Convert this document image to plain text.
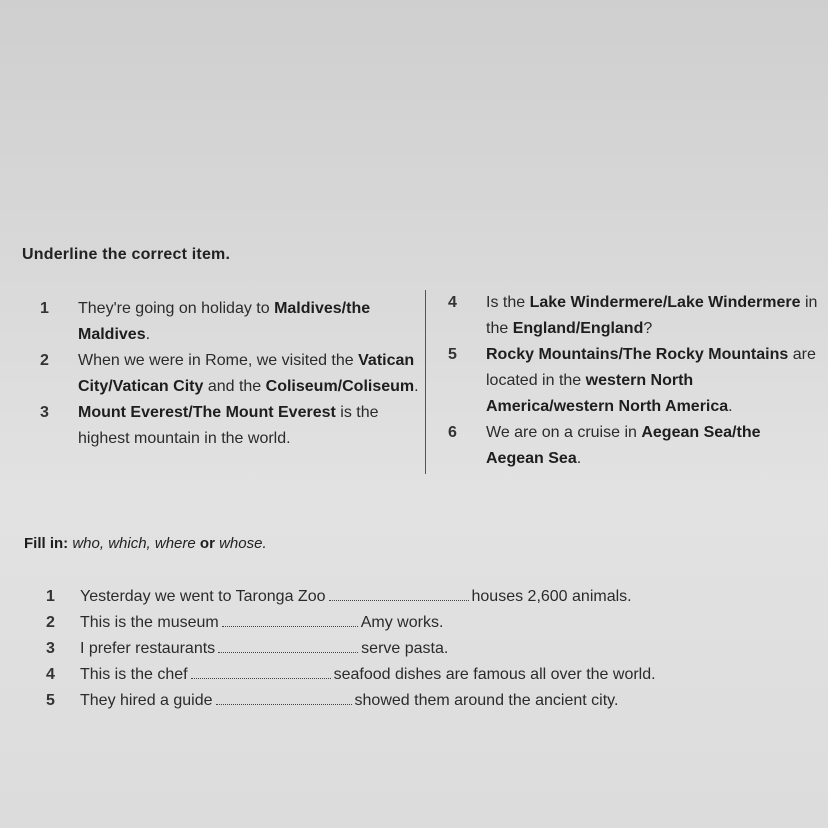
Underline the correct item.
1 They're going on holiday to Maldives/the Maldives.
2 When we were in Rome, we visited the Vatican City/Vatican City and the Coliseum/Coliseum.
3 Mount Everest/The Mount Everest is the highest mountain in the world.
4 Is the Lake Windermere/Lake Windermere in the England/England?
5 Rocky Mountains/The Rocky Mountains are located in the western North America/western North America.
6 We are on a cruise in Aegean Sea/the Aegean Sea.
Fill in: who, which, where or whose.
1 Yesterday we went to Taronga Zoo	houses 2,600 animals.
2 This is the museum	Amy works.
3 I prefer restaurants	serve pasta.
4 This is the chef	seafood dishes are famous all over the world.
5 They hired a guide	showed them around the ancient city.
